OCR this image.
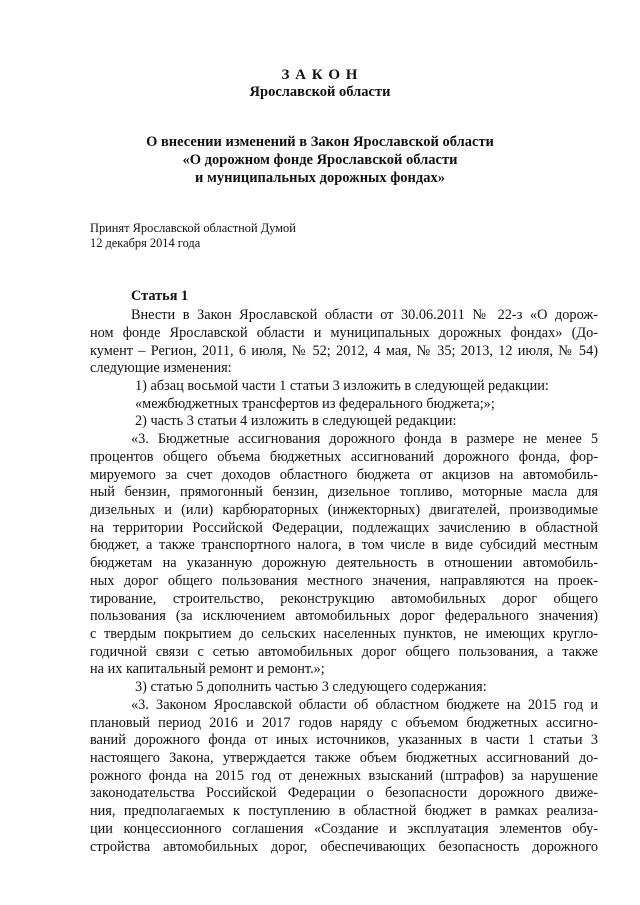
З А К О Н
Ярославской области
О внесении изменений в Закон Ярославской области
«О дорожном фонде Ярославской области
и муниципальных дорожных фондах»
Принят Ярославской областной Думой
12 декабря 2014 года
Статья 1
Внести в Закон Ярославской области от 30.06.2011 № 22-з «О дорож-
ном фонде Ярославской области и муниципальных дорожных фондах» (До-
кумент – Регион, 2011, 6 июля, № 52; 2012, 4 мая, № 35; 2013, 12 июля, № 54)
следующие изменения:
1) абзац восьмой части 1 статьи 3 изложить в следующей редакции:
«межбюджетных трансфертов из федерального бюджета;»;
2) часть 3 статьи 4 изложить в следующей редакции:
«3. Бюджетные ассигнования дорожного фонда в размере не менее 5
процентов общего объема бюджетных ассигнований дорожного фонда, фор-
мируемого за счет доходов областного бюджета от акцизов на автомобиль-
ный бензин, прямогонный бензин, дизельное топливо, моторные масла для
дизельных и (или) карбюраторных (инжекторных) двигателей, производимые
на территории Российской Федерации, подлежащих зачислению в областной
бюджет, а также транспортного налога, в том числе в виде субсидий местным
бюджетам на указанную дорожную деятельность в отношении автомобиль-
ных дорог общего пользования местного значения, направляются на проек-
тирование, строительство, реконструкцию автомобильных дорог общего
пользования (за исключением автомобильных дорог федерального значения)
с твердым покрытием до сельских населенных пунктов, не имеющих кругло-
годичной связи с сетью автомобильных дорог общего пользования, а также
на их капитальный ремонт и ремонт.»;
3) статью 5 дополнить частью 3 следующего содержания:
«3. Законом Ярославской области об областном бюджете на 2015 год и
плановый период 2016 и 2017 годов наряду с объемом бюджетных ассигно-
ваний дорожного фонда от иных источников, указанных в части 1 статьи 3
настоящего Закона, утверждается также объем бюджетных ассигнований до-
рожного фонда на 2015 год от денежных взысканий (штрафов) за нарушение
законодательства Российской Федерации о безопасности дорожного движе-
ния, предполагаемых к поступлению в областной бюджет в рамках реализа-
ции концессионного соглашения «Создание и эксплуатация элементов обу-
стройства автомобильных дорог, обеспечивающих безопасность дорожного
